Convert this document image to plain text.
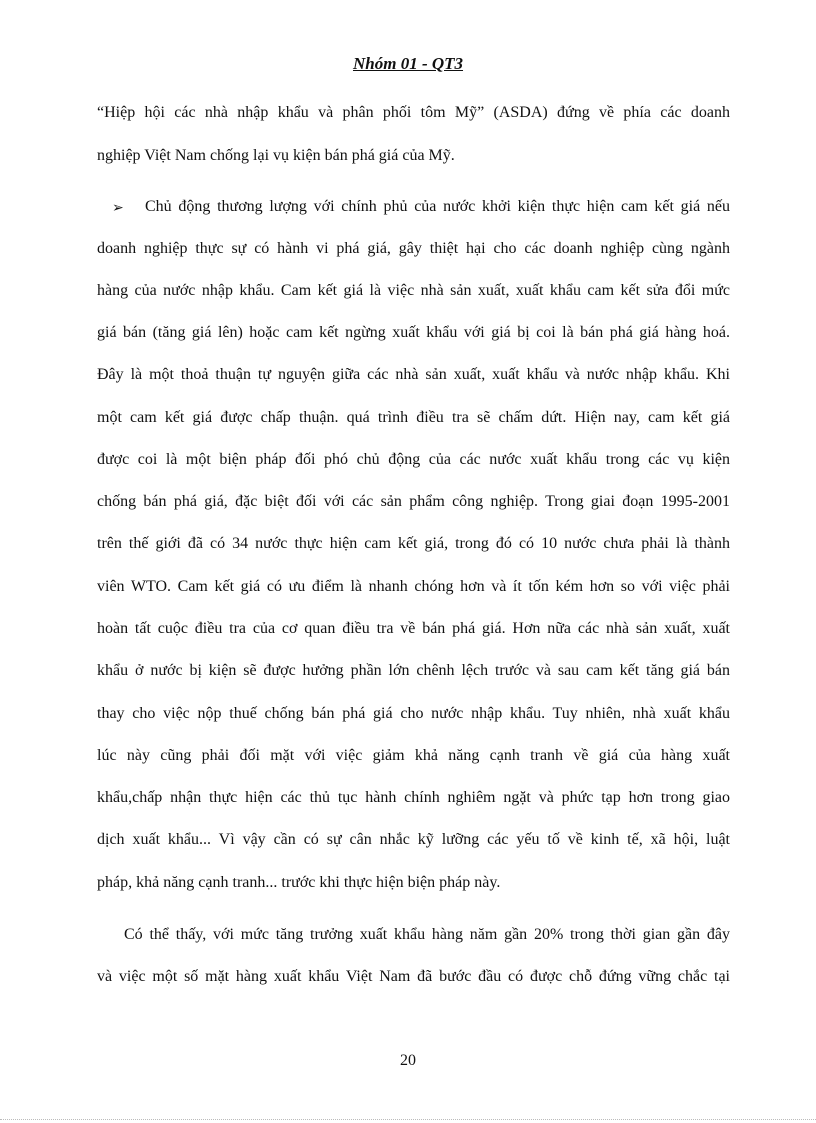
Nhóm 01 - QT3
“Hiệp hội các nhà nhập khẩu và phân phối tôm Mỹ” (ASDA) đứng về phía các doanh
nghiệp Việt Nam chống lại vụ kiện bán phá giá của Mỹ.
➢ Chủ động thương lượng với chính phủ của nước khởi kiện thực hiện cam kết giá nếu
doanh nghiệp thực sự có hành vi phá giá, gây thiệt hại cho các doanh nghiệp cùng ngành
hàng của nước nhập khẩu. Cam kết giá là việc nhà sản xuất, xuất khẩu cam kết sửa đổi mức
giá bán (tăng giá lên) hoặc cam kết ngừng xuất khẩu với giá bị coi là bán phá giá hàng hoá.
Đây là một thoả thuận tự nguyện giữa các nhà sản xuất, xuất khẩu và nước nhập khẩu. Khi
một cam kết giá được chấp thuận. quá trình điều tra sẽ chấm dứt. Hiện nay, cam kết giá
được coi là một biện pháp đối phó chủ động của các nước xuất khẩu trong các vụ kiện
chống bán phá giá, đặc biệt đối với các sản phẩm công nghiệp. Trong giai đoạn 1995-2001
trên thế giới đã có 34 nước thực hiện cam kết giá, trong đó có 10 nước chưa phải là thành
viên WTO. Cam kết giá có ưu điểm là nhanh chóng hơn và ít tốn kém hơn so với việc phải
hoàn tất cuộc điều tra của cơ quan điều tra về bán phá giá. Hơn nữa các nhà sản xuất, xuất
khẩu ở nước bị kiện sẽ được hưởng phần lớn chênh lệch trước và sau cam kết tăng giá bán
thay cho việc nộp thuế chống bán phá giá cho nước nhập khẩu. Tuy nhiên, nhà xuất khẩu
lúc này cũng phải đối mặt với việc giảm khả năng cạnh tranh về giá của hàng xuất
khẩu,chấp nhận thực hiện các thủ tục hành chính nghiêm ngặt và phức tạp hơn trong giao
dịch xuất khẩu... Vì vậy cần có sự cân nhắc kỹ lưỡng các yếu tố về kinh tế, xã hội, luật
pháp, khả năng cạnh tranh... trước khi thực hiện biện pháp này.
Có thể thấy, với mức tăng trưởng xuất khẩu hàng năm gần 20% trong thời gian gần đây
và việc một số mặt hàng xuất khẩu Việt Nam đã bước đầu có được chỗ đứng vững chắc tại
20
